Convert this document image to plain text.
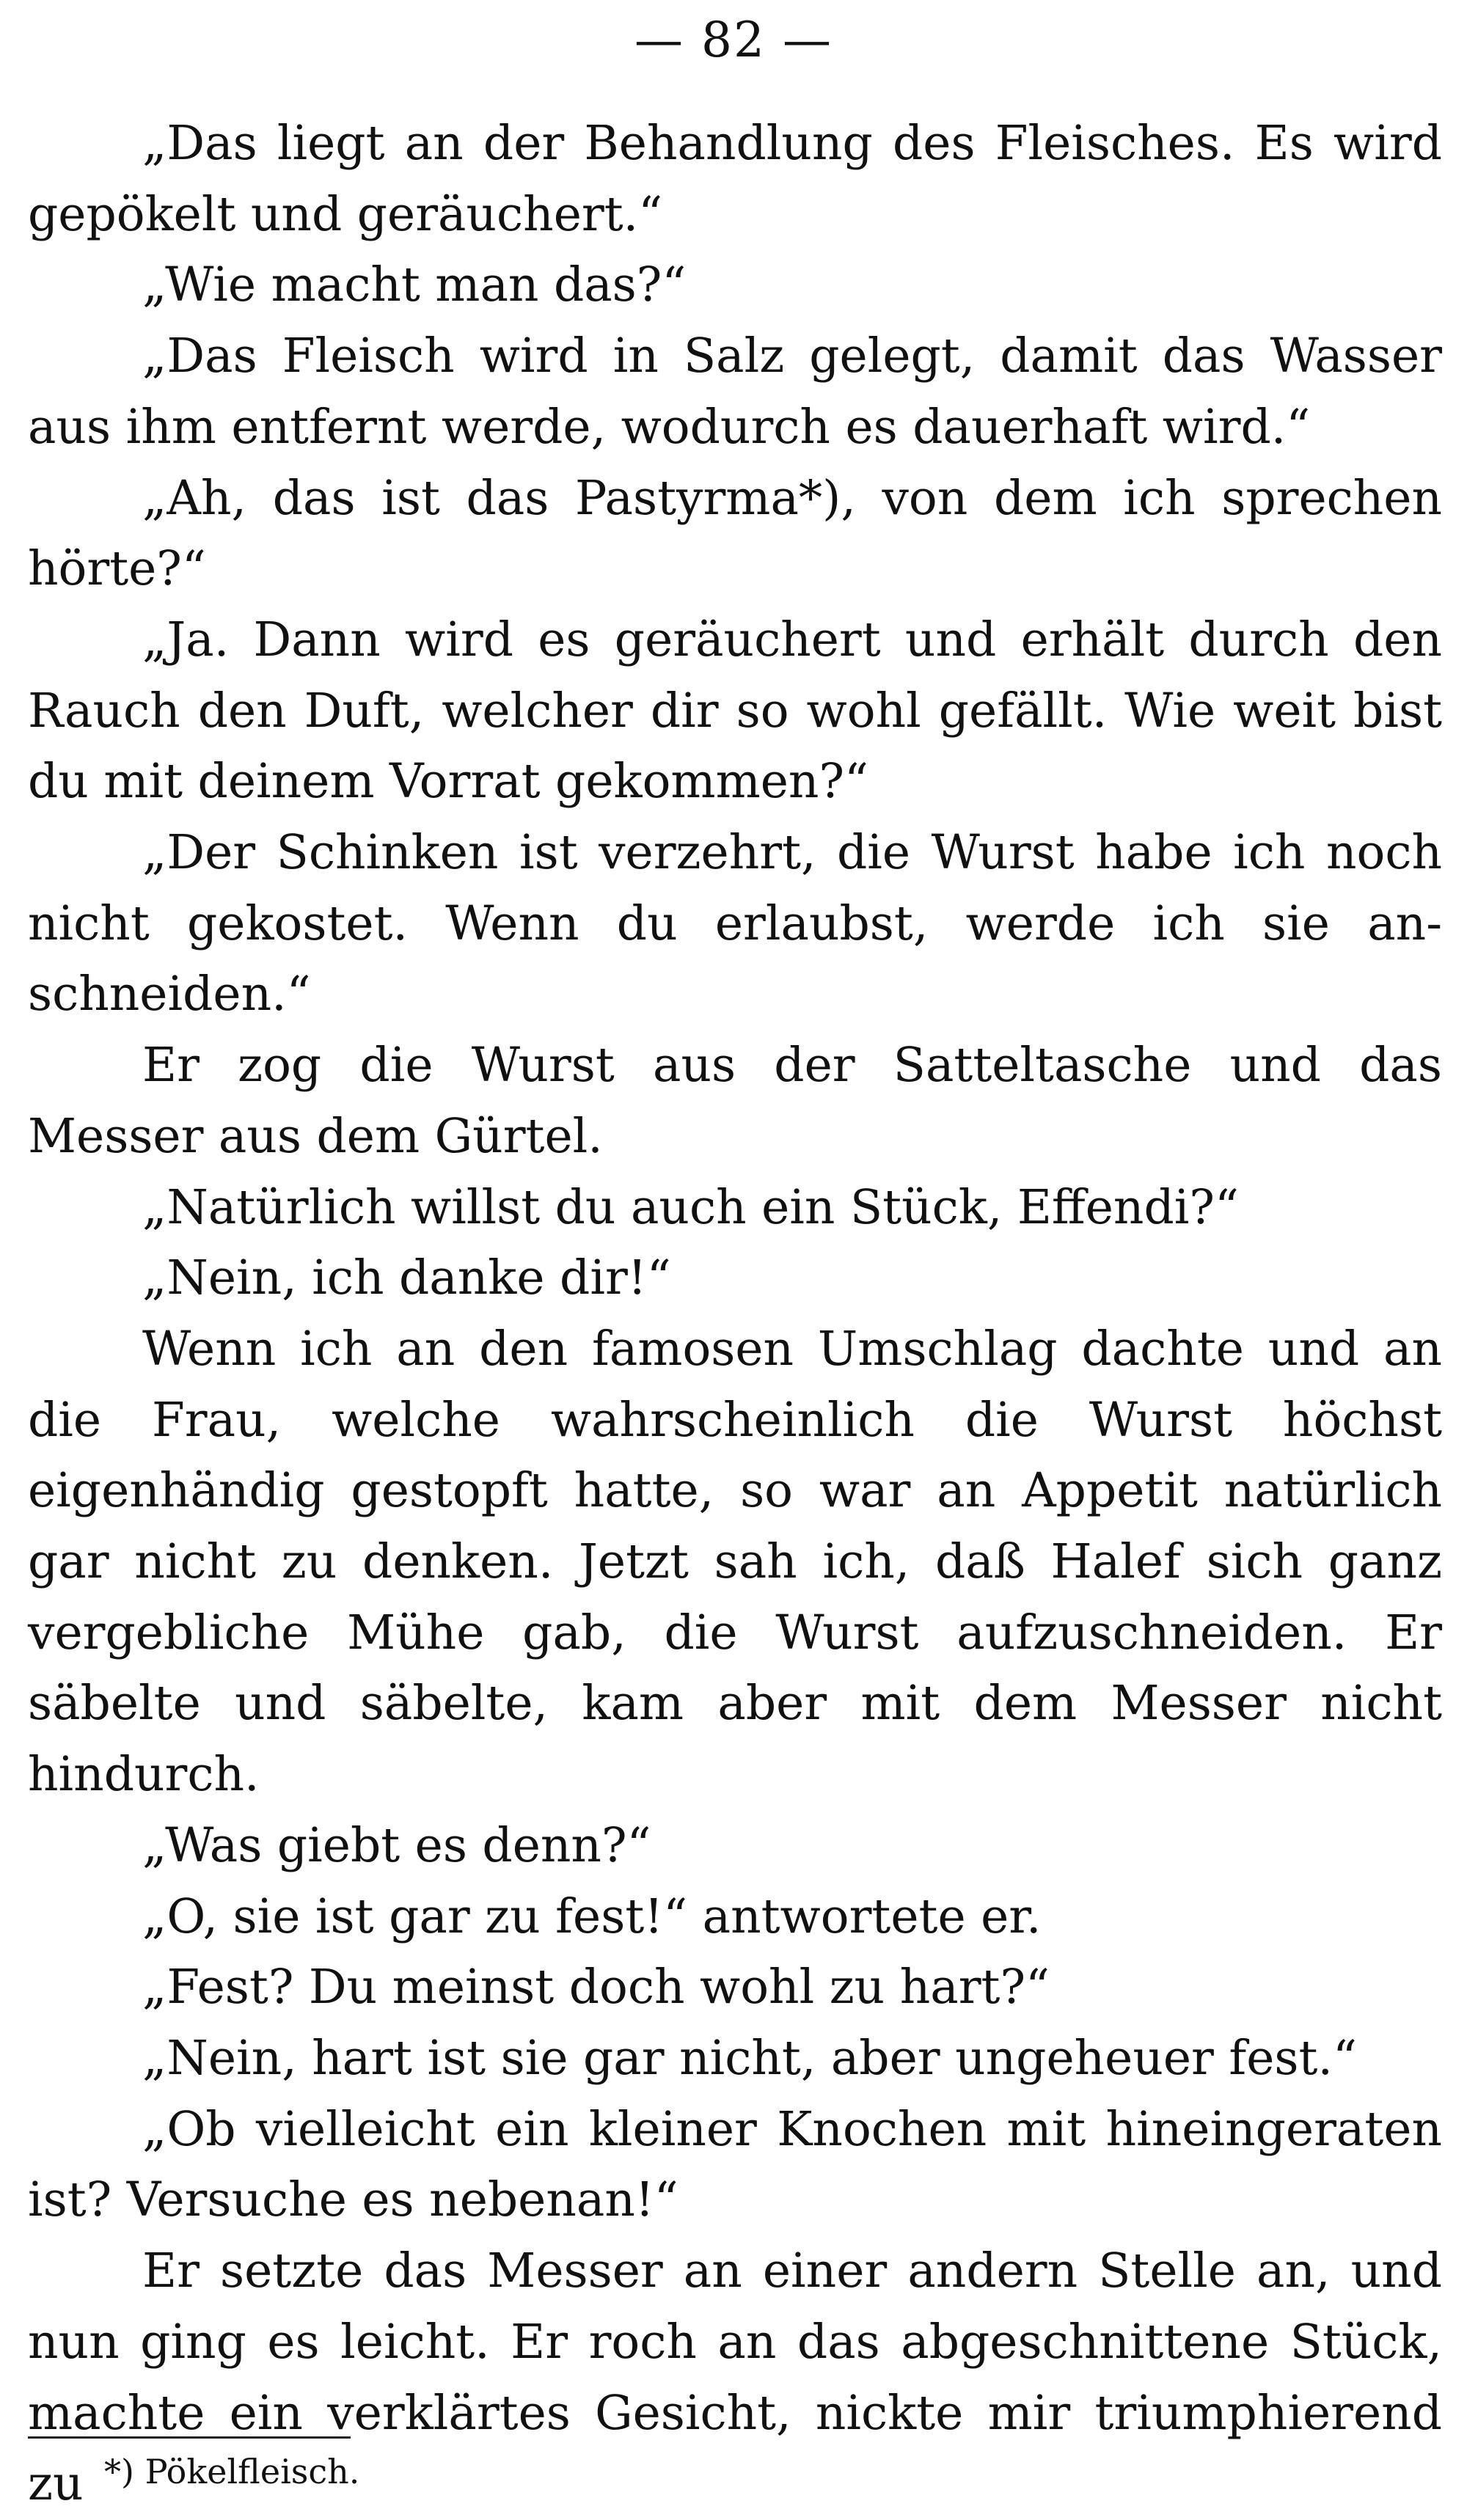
— 82 —

„Das liegt an der Behandlung des Fleisches. Es wird gepökelt und geräuchert.“

„Wie macht man das?“

„Das Fleisch wird in Salz gelegt, damit das Wasser aus ihm entfernt werde, wodurch es dauerhaft wird.“

„Ah, das ist das Pastyrma*), von dem ich sprechen hörte?“

„Ja. Dann wird es geräuchert und erhält durch den Rauch den Duft, welcher dir so wohl gefällt. Wie weit bist du mit deinem Vorrat gekommen?“

„Der Schinken ist verzehrt, die Wurst habe ich noch nicht gekostet. Wenn du erlaubst, werde ich sie anschneiden.“

Er zog die Wurst aus der Satteltasche und das Messer aus dem Gürtel.

„Natürlich willst du auch ein Stück, Effendi?“

„Nein, ich danke dir!“

Wenn ich an den famosen Umschlag dachte und an die Frau, welche wahrscheinlich die Wurst höchst eigenhändig gestopft hatte, so war an Appetit natürlich gar nicht zu denken. Jetzt sah ich, daß Halef sich ganz vergebliche Mühe gab, die Wurst aufzuschneiden. Er säbelte und säbelte, kam aber mit dem Messer nicht hindurch.

„Was giebt es denn?“

„O, sie ist gar zu fest!“ antwortete er.

„Fest? Du meinst doch wohl zu hart?“

„Nein, hart ist sie gar nicht, aber ungeheuer fest.“

„Ob vielleicht ein kleiner Knochen mit hineingeraten ist? Versuche es nebenan!“

Er setzte das Messer an einer andern Stelle an, und nun ging es leicht. Er roch an das abgeschnittene Stück, machte ein verklärtes Gesicht, nickte mir triumphierend zu *) Pökelfleisch.
